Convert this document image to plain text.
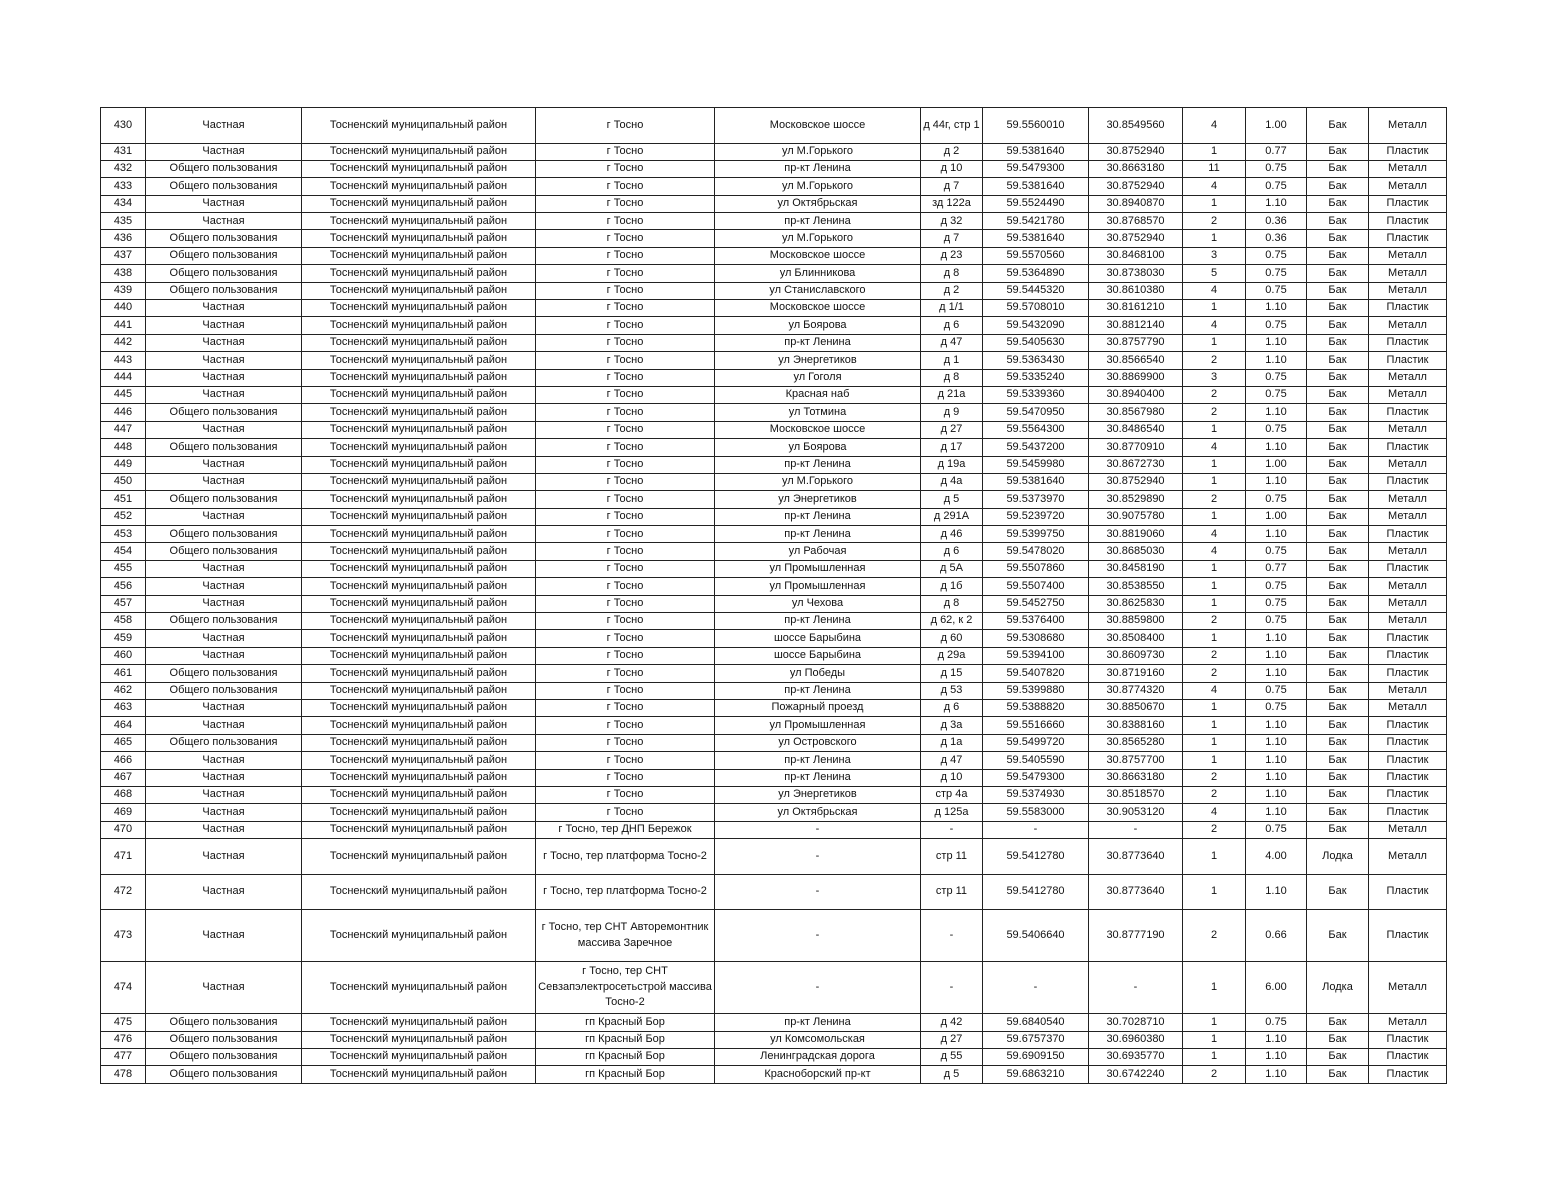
430	Частная	Тосненский муниципальный район	г Тосно	Московское шоссе	д 44г, стр 1	59.5560010	30.8549560	4	1.00	Бак	Металл
431	Частная	Тосненский муниципальный район	г Тосно	ул М.Горького	д 2	59.5381640	30.8752940	1	0.77	Бак	Пластик
432	Общего пользования	Тосненский муниципальный район	г Тосно	пр-кт Ленина	д 10	59.5479300	30.8663180	11	0.75	Бак	Металл
433	Общего пользования	Тосненский муниципальный район	г Тосно	ул М.Горького	д 7	59.5381640	30.8752940	4	0.75	Бак	Металл
434	Частная	Тосненский муниципальный район	г Тосно	ул Октябрьская	зд 122а	59.5524490	30.8940870	1	1.10	Бак	Пластик
435	Частная	Тосненский муниципальный район	г Тосно	пр-кт Ленина	д 32	59.5421780	30.8768570	2	0.36	Бак	Пластик
436	Общего пользования	Тосненский муниципальный район	г Тосно	ул М.Горького	д 7	59.5381640	30.8752940	1	0.36	Бак	Пластик
437	Общего пользования	Тосненский муниципальный район	г Тосно	Московское шоссе	д 23	59.5570560	30.8468100	3	0.75	Бак	Металл
438	Общего пользования	Тосненский муниципальный район	г Тосно	ул Блинникова	д 8	59.5364890	30.8738030	5	0.75	Бак	Металл
439	Общего пользования	Тосненский муниципальный район	г Тосно	ул Станиславского	д 2	59.5445320	30.8610380	4	0.75	Бак	Металл
440	Частная	Тосненский муниципальный район	г Тосно	Московское шоссе	д 1/1	59.5708010	30.8161210	1	1.10	Бак	Пластик
441	Частная	Тосненский муниципальный район	г Тосно	ул Боярова	д 6	59.5432090	30.8812140	4	0.75	Бак	Металл
442	Частная	Тосненский муниципальный район	г Тосно	пр-кт Ленина	д 47	59.5405630	30.8757790	1	1.10	Бак	Пластик
443	Частная	Тосненский муниципальный район	г Тосно	ул Энергетиков	д 1	59.5363430	30.8566540	2	1.10	Бак	Пластик
444	Частная	Тосненский муниципальный район	г Тосно	ул Гоголя	д 8	59.5335240	30.8869900	3	0.75	Бак	Металл
445	Частная	Тосненский муниципальный район	г Тосно	Красная наб	д 21а	59.5339360	30.8940400	2	0.75	Бак	Металл
446	Общего пользования	Тосненский муниципальный район	г Тосно	ул Тотмина	д 9	59.5470950	30.8567980	2	1.10	Бак	Пластик
447	Частная	Тосненский муниципальный район	г Тосно	Московское шоссе	д 27	59.5564300	30.8486540	1	0.75	Бак	Металл
448	Общего пользования	Тосненский муниципальный район	г Тосно	ул Боярова	д 17	59.5437200	30.8770910	4	1.10	Бак	Пластик
449	Частная	Тосненский муниципальный район	г Тосно	пр-кт Ленина	д 19а	59.5459980	30.8672730	1	1.00	Бак	Металл
450	Частная	Тосненский муниципальный район	г Тосно	ул М.Горького	д 4а	59.5381640	30.8752940	1	1.10	Бак	Пластик
451	Общего пользования	Тосненский муниципальный район	г Тосно	ул Энергетиков	д 5	59.5373970	30.8529890	2	0.75	Бак	Металл
452	Частная	Тосненский муниципальный район	г Тосно	пр-кт Ленина	д 291А	59.5239720	30.9075780	1	1.00	Бак	Металл
453	Общего пользования	Тосненский муниципальный район	г Тосно	пр-кт Ленина	д 46	59.5399750	30.8819060	4	1.10	Бак	Пластик
454	Общего пользования	Тосненский муниципальный район	г Тосно	ул Рабочая	д 6	59.5478020	30.8685030	4	0.75	Бак	Металл
455	Частная	Тосненский муниципальный район	г Тосно	ул Промышленная	д 5А	59.5507860	30.8458190	1	0.77	Бак	Пластик
456	Частная	Тосненский муниципальный район	г Тосно	ул Промышленная	д 1б	59.5507400	30.8538550	1	0.75	Бак	Металл
457	Частная	Тосненский муниципальный район	г Тосно	ул Чехова	д 8	59.5452750	30.8625830	1	0.75	Бак	Металл
458	Общего пользования	Тосненский муниципальный район	г Тосно	пр-кт Ленина	д 62, к 2	59.5376400	30.8859800	2	0.75	Бак	Металл
459	Частная	Тосненский муниципальный район	г Тосно	шоссе Барыбина	д 60	59.5308680	30.8508400	1	1.10	Бак	Пластик
460	Частная	Тосненский муниципальный район	г Тосно	шоссе Барыбина	д 29а	59.5394100	30.8609730	2	1.10	Бак	Пластик
461	Общего пользования	Тосненский муниципальный район	г Тосно	ул Победы	д 15	59.5407820	30.8719160	2	1.10	Бак	Пластик
462	Общего пользования	Тосненский муниципальный район	г Тосно	пр-кт Ленина	д 53	59.5399880	30.8774320	4	0.75	Бак	Металл
463	Частная	Тосненский муниципальный район	г Тосно	Пожарный проезд	д 6	59.5388820	30.8850670	1	0.75	Бак	Металл
464	Частная	Тосненский муниципальный район	г Тосно	ул Промышленная	д 3а	59.5516660	30.8388160	1	1.10	Бак	Пластик
465	Общего пользования	Тосненский муниципальный район	г Тосно	ул Островского	д 1а	59.5499720	30.8565280	1	1.10	Бак	Пластик
466	Частная	Тосненский муниципальный район	г Тосно	пр-кт Ленина	д 47	59.5405590	30.8757700	1	1.10	Бак	Пластик
467	Частная	Тосненский муниципальный район	г Тосно	пр-кт Ленина	д 10	59.5479300	30.8663180	2	1.10	Бак	Пластик
468	Частная	Тосненский муниципальный район	г Тосно	ул Энергетиков	стр 4а	59.5374930	30.8518570	2	1.10	Бак	Пластик
469	Частная	Тосненский муниципальный район	г Тосно	ул Октябрьская	д 125а	59.5583000	30.9053120	4	1.10	Бак	Пластик
470	Частная	Тосненский муниципальный район	г Тосно, тер ДНП Бережок	-	-	-	-	2	0.75	Бак	Металл
471	Частная	Тосненский муниципальный район	г Тосно, тер платформа Тосно-2	-	стр 11	59.5412780	30.8773640	1	4.00	Лодка	Металл
472	Частная	Тосненский муниципальный район	г Тосно, тер платформа Тосно-2	-	стр 11	59.5412780	30.8773640	1	1.10	Бак	Пластик
473	Частная	Тосненский муниципальный район	г Тосно, тер СНТ Авторемонтник массива Заречное	-	-	59.5406640	30.8777190	2	0.66	Бак	Пластик
474	Частная	Тосненский муниципальный район	г Тосно, тер СНТ Севзапэлектросетьстрой массива Тосно-2	-	-	-	-	1	6.00	Лодка	Металл
475	Общего пользования	Тосненский муниципальный район	гп Красный Бор	пр-кт Ленина	д 42	59.6840540	30.7028710	1	0.75	Бак	Металл
476	Общего пользования	Тосненский муниципальный район	гп Красный Бор	ул Комсомольская	д 27	59.6757370	30.6960380	1	1.10	Бак	Пластик
477	Общего пользования	Тосненский муниципальный район	гп Красный Бор	Ленинградская дорога	д 55	59.6909150	30.6935770	1	1.10	Бак	Пластик
478	Общего пользования	Тосненский муниципальный район	гп Красный Бор	Красноборский пр-кт	д 5	59.6863210	30.6742240	2	1.10	Бак	Пластик
